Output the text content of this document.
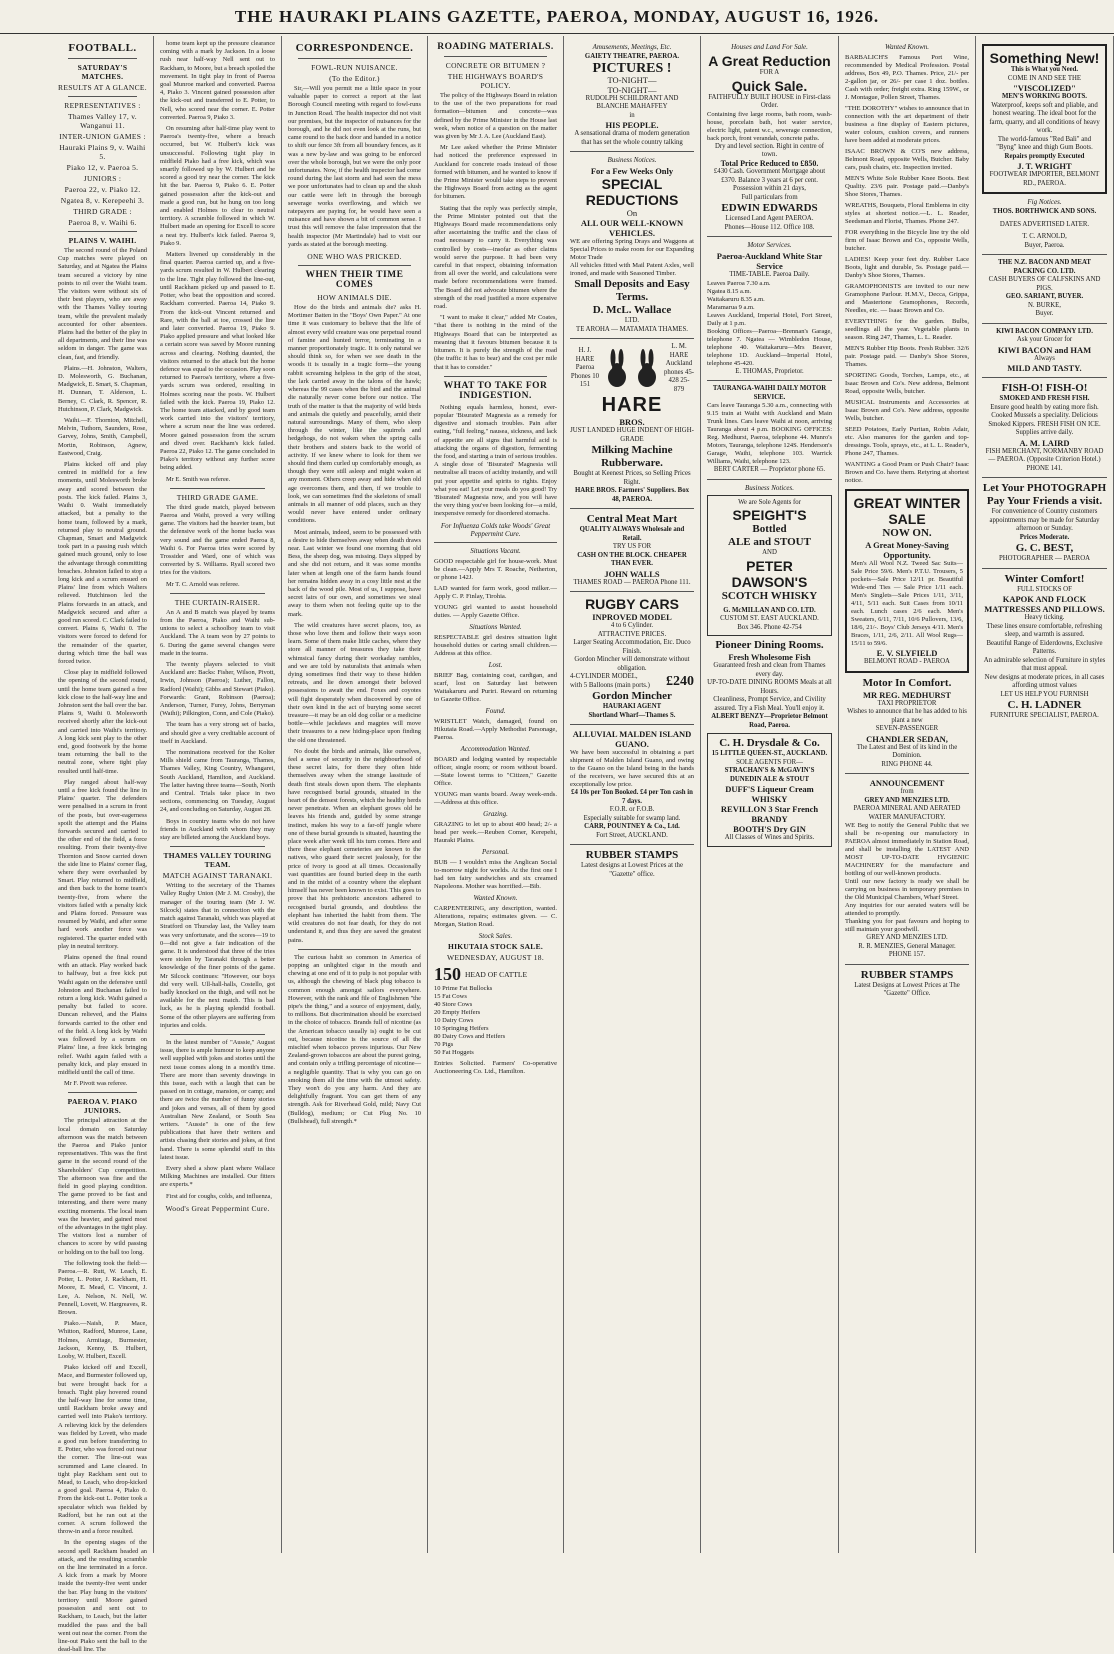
THE HAURAKI PLAINS GAZETTE, PAEROA, MONDAY, AUGUST 16, 1926.
FOOTBALL.
SATURDAY'S MATCHES.
RESULTS AT A GLANCE.
REPRESENTATIVES :
Thames Valley 17, v. Wanganui 11.
INTER-UNION GAMES :
Hauraki Plains 9, v. Waihi 5.
Piako 12, v. Paeroa 5.
JUNIORS :
Paeroa 22, v. Piako 12.
Ngatea 8, v. Kerepeehi 3.
THIRD GRADE :
Paeroa 8, v. Waihi 6.
PLAINS V. WAIHI.

The second round of the Poland Cup matches were played on Saturday, and at Ngatea the Plains team secured a victory by nine points to nil over the Waihi team. The visitors were without six of their best players, who are away with the Thames Valley touring team, while the prevalent malady accounted for other absentees. Plains had the better of the play in all departments, and their line was seldom in danger. The game was clean, fast, and friendly.

Plains.—H. Johnston, Walters, D. Molesworth, G. Buchanan, Madgwick, E. Smart, S. Chapman, H. Dunnan, T. Alderson, L. Berney, C. Clark, R. Spencer, R. Hutchinson, P. Clark, Madgwick.

Waihi.—F. Thornton, Mitchell, Melvin, Tuthorn, Saunders, Rose, Garvey, Johns, Smith, Campbell, Mortin, Robinson, Agnew, Eastwood, Craig.

Plains kicked off and play centred in midfield for a few moments, until Molesworth broke away and scored between the posts. The kick failed. Plains 3, Waihi 0. Waihi immediately attacked, but a penalty to the home team, followed by a mark, returned play to neutral ground. Chapman, Smart and Madgwick took part in a passing rush which gained much ground, only to lose the advantage through committing breaches. Johnston failed to stop a long kick and a scrum ensued on Plains' line from which Walters relieved. Hutchinson led the Plains forwards in an attack, and Madgwick secured and after a good run scored. C. Clark failed to convert. Plains 6, Waihi 0. The visitors were forced to defend for the remainder of the quarter, during which time the ball was forced twice.

Close play in midfield followed the opening of the second round, until the home team gained a free kick close to the half-way line and Johnston sent the ball over the bar. Plains 9, Waihi 0. Molesworth received shortly after the kick-out and carried into Waihi's territory. A long kick sent play to the other end, good footwork by the home team returning the ball to the neutral zone, where tight play resulted until half-time.

Play ranged about half-way until a free kick found the line in Plains' quarter. The defenders were penalised in a scrum in front of the posts, but over-eagerness spoilt the attempt and the Plains forwards secured and carried to the other end of the field, a force resulting. From their twenty-five Thornton and Snow carried down the side line to Plains' corner flag, where they were overhauled by Smart. Play returned to midfield, and then back to the home team's twenty-five, from where the visitors failed with a penalty kick and Plains forced. Pressure was resumed by Waihi, and after some hard work another force was registered. The quarter ended with play in neutral territory.

Plains opened the final round with an attack. Play worked back to halfway, but a free kick put Waihi again on the defensive until Johnston and Buchanan failed to return a long kick. Waihi gained a penalty but failed to score. Duncan relieved, and the Plains forwards carried to the other end of the field. A long kick by Waihi was followed by a scrum on Plains' line, a free kick bringing relief. Waihi again failed with a penalty kick, and play ensued in midfield until the call of time.

Mr F. Pivott was referee.

PAEROA V. PIAKO JUNIORS.

The principal attraction at the local domain on Saturday afternoon was the match between the Paeroa and Piako junior representatives. This was the first game in the second round of the Shareholders' Cup competition. The afternoon was fine and the field in good playing condition. The game proved to be fast and interesting, and there were many exciting moments. The local team was the heavier, and gained most of the advantages in the tight play. The visitors lost a number of chances to score by wild passing or holding on to the ball too long.

The following took the field:—Paeroa.—R. Rutt, W. Leach, E. Potter, L. Potter, J. Rackham, H. Moore, E. Mead, C. Vincent, J. Lee, A. Nelson, N. Nell, W. Pennell, Lovett, W. Hargreaves, R. Brown.

Piako.—Naish, P. Mace, Whitton, Radford, Munroe, Lane, Holmes, Armitage, Burmester, Jackson, Kenny, B. Hulbert, Looby, W. Hulbert, Excell.

Piako kicked off and Excell, Mace, and Burmester followed up, but were brought back for a breach. Tight play hovered round the half-way line for some time, until Rackham broke away and carried well into Piako's territory. A relieving kick by the defenders was fielded by Lovett, who made a good run before transferring to E. Potter, who was forced out near the corner. The line-out was scrummed and Lane cleared. In tight play Rackham sent out to Mead, to Leach, who drop-kicked a good goal. Paeroa 4, Piako 0. From the kick-out L. Potter took a speculator which was fielded by Radford, but he ran out at the corner. A scrum followed the throw-in and a force resulted.

In the opening stages of the second spell Rackham headed an attack, and the resulting scramble on the line terminated in a force. A kick from a mark by Moore inside the twenty-five went under the bar. Play hung in the visitors' territory until Moore gained possession and sent out to Rackham, to Leach, but the latter muddled the pass and the ball went out near the corner. From the line-out Piako sent the ball to the dead-ball line. The

home team kept up the pressure clearance coming with a mark by Jackson. In a loose rush near half-way Nell sent out to Rackham, to Moore, but a breach spoiled the movement. In tight play in front of Paeroa goal Munroe marked and converted. Paeroa 4, Piako 3. Vincent gained possession after the kick-out and transferred to E. Potter, to Nell, who scored near the corner. E. Potter converted. Paeroa 9, Piako 3.

On resuming after half-time play went to Paeroa's twenty-five, where a breach occurred, but W. Hulbert's kick was unsuccessful. Following tight play in midfield Piako had a free kick, which was smartly followed up by W. Hulbert and he scored a good try near the corner. The kick hit the bar. Paeroa 9, Piako 6. E. Potter gained possession after the kick-out and made a good run, but he hung on too long and enabled Holmes to clear to neutral territory. A scramble followed in which W. Hulbert made an opening for Excell to score a neat try. Hulbert's kick failed. Paeroa 9, Piako 9.

Matters livened up considerably in the final quarter. Paeroa carried up, and a five-yards scrum resulted in W. Hulbert clearing to the line. Tight play followed the line-out, until Rackham picked up and passed to E. Potter, who beat the opposition and scored. Rackham converted. Paeroa 14, Piako 9. From the kick-out Vincent returned and Rare, with the ball at toe, crossed the line and later converted. Paeroa 19, Piako 9. Piako applied pressure and what looked like a certain score was saved by Moore running across and clearing. Nothing daunted, the visitors returned to the attack but the home defence was equal to the occasion. Play soon returned to Paeroa's territory, where a five-yards scrum was ordered, resulting in Holmes scoring near the posts. W. Hulbert failed with the kick. Paeroa 19, Piako 12. The home team attacked, and by good team work carried into the visitors' territory, where a scrum near the line was ordered. Moore gained possession from the scrum and dived over. Rackham's kick failed. Paeroa 22, Piako 12. The game concluded in Piako's territory without any further score being added.

Mr E. Smith was referee.

THIRD GRADE GAME.

The third grade match, played between Paeroa and Waihi, proved a very willing game. The visitors had the heavier team, but the defensive work of the home backs was very sound and the game ended Paeroa 8, Waihi 6. For Paeroa tries were scored by Trossider and Ward, one of which was converted by S. Williams. Ryall scored two tries for the visitors.

Mr T. C. Arnold was referee.

THE CURTAIN-RAISER.

An A and B match was played by teams from the Paeroa, Piako and Waihi sub-unions to select a schoolboy team to visit Auckland. The A team won by 27 points to 6. During the game several changes were made in the teams.

The twenty players selected to visit Auckland are: Backs: Fisher, Wilson, Pivott, Irwin, Johnson (Paeroa); Luther, Fallon, Radford (Waihi); Gibbs and Stewart (Piako). Forwards: Grant, Robinson (Paeroa); Anderson, Turner, Furey, Johns, Berryman (Waihi); Pilkington, Conn, and Cole (Piako).

The team has a very strong set of backs, and should give a very creditable account of itself in Auckland.

The nominations received for the Kolter Mills shield came from Tauranga, Thames, Thames Valley, King Country, Whangarei, South Auckland, Hamilton, and Auckland. The latter having three teams—South, North and Central. Trials take place in two sections, commencing on Tuesday, August 24, and concluding on Saturday, August 28.

Boys in country teams who do not have friends in Auckland with whom they may stay are billeted among the Auckland boys.

THAMES VALLEY TOURING TEAM.
MATCH AGAINST TARANAKI.

Writing to the secretary of the Thames Valley Rugby Union (Mr J. M. Crosby), the manager of the touring team (Mr J. W. Silcock) states that in connection with the match against Taranaki, which was played at Stratford on Thursday last, the Valley team was very unfortunate, and the scores—19 to 0—did not give a fair indication of the game. It is understood that three of the tries were stolen by Taranaki through a better knowledge of the finer points of the game. Mr Silcock continues: "However, our boys did very well. Ull-hall-halls, Costello, got badly knocked on the thigh, and will not be available for the next match. This is bad luck, as he is playing splendid football. Some of the other players are suffering from injuries and colds.

In the latest number of "Aussie," August issue, there is ample humour to keep anyone well supplied with jokes and stories until the next issue comes along in a month's time. There are more than seventy drawings in this issue, each with a laugh that can be passed on in cottage, mansion, or camp; and there are twice the number of funny stories and jokes and verses, all of them by good Australian New Zealand, or South Sea writers. "Aussie" is one of the few publications that have their writers and artists chasing their stories and jokes, at first hand. There is some splendid stuff in this latest issue.

Every shed a show plant where Wallace Milking Machines are installed. Our fitters are experts.*

First aid for coughs, colds, and influenza,

Wood's Great Peppermint Cure.
CORRESPONDENCE.
FOWL-RUN NUISANCE.
(To the Editor.)

Sir,—Will you permit me a little space in your valuable paper to correct a report at the last Borough Council meeting with regard to fowl-runs in Junction Road. The health inspector did not visit our premises, but the inspector of nuisances for the borough, and he did not even look at the runs, but came round to the back door and handed in a notice to shift our fence 3ft from all boundary fences, as it was a new by-law and was going to be enforced over the whole borough, but we were the only poor unfortunates. Now, if the health inspector had come round during the last storm and had seen the mess we poor unfortunates had to clean up and the slush our cattle were left in through the borough sewerage works overflowing, and which we ratepayers are paying for, he would have seen a nuisance and have shown a bit of common sense. I trust this will remove the false impression that the health inspector (Mr Martindale) had to visit our yards as stated at the borough meeting.

ONE WHO WAS PRICKED.
WHEN THEIR TIME COMES
HOW ANIMALS DIE.

How do the birds and animals die? asks H. Mortimer Batten in the "Boys' Own Paper." At one time it was customary to believe that the life of almost every wild creature was one perpetual round of famine and hunted terror, terminating in a manner proportionately tragic. It is only natural we should think so, for when we see death in the woods it is usually in a tragic form—the young rabbit screaming helpless in the grip of the stoat, the lark carried away in the talons of the hawk; whereas the 99 cases when the bird and the animal die naturally never come before our notice. The truth of the matter is that the majority of wild birds and animals die quietly and peacefully, amid their natural surroundings. Many of them, who sleep through the winter, like the squirrels and hedgehogs, do not waken when the spring calls their brothers and sisters back to the world of activity. If we knew where to look for them we should find them curled up comfortably enough, as though they were still asleep and might waken at any moment. Others creep away and hide when old age overcomes them, and then, if we trouble to look, we can sometimes find the skeletons of small animals in all manner of odd places, such as they would never have entered under ordinary conditions.

Most animals, indeed, seem to be possessed with a desire to hide themselves away when death draws near. Last winter we found one morning that old Bess, the sheep dog, was missing. Days slipped by and she did not return, and it was some months later when at length one of the farm hands found her remains hidden away in a cosy little nest at the back of the wood pile. Most of us, I suppose, have secret lairs of our own, and sometimes we steal away to them when not feeling quite up to the mark.

The wild creatures have secret places, too, as those who love them and follow their ways soon learn. Some of them make little caches, where they store all manner of treasures they take their whimsical fancy during their workaday rambles, and we are told by naturalists that animals when dying sometimes find their way to these hidden retreats, and lie down amongst their beloved possessions to await the end. Foxes and coyotes will fight desperately when discovered by one of their own kind in the act of burying some secret treasure—it may be an old dog collar or a medicine bottle—while jackdaws and magpies will move their treasures to a new hiding-place upon finding the old one threatened.

No doubt the birds and animals, like ourselves, feel a sense of security in the neighbourhood of these secret lairs, for there they often hide themselves away when the strange lassitude of death first steals down upon them. The elephants have recognised burial grounds, situated in the heart of the densest forests, which the healthy herds never penetrate. When an elephant grows old he leaves his friends and, guided by some strange instinct, makes his way to a far-off jungle where one of these burial grounds is situated, haunting the place week after week till his turn comes. Here and there these elephant cemeteries are known to the natives, who guard their secret jealously, for the price of ivory is good at all times. Occasionally vast quantities are found buried deep in the earth and in the midst of a country where the elephant himself has never been known to exist. This goes to prove that his prehistoric ancestors adhered to recognised burial grounds, and doubtless the elephant has inherited the habit from them. The wild creatures do not fear death, for they do not understand it, and thus they are saved the greatest pains.

The curious habit so common in America of popping an unlighted cigar in the mouth and chewing at one end of it to pulp is not popular with us, although the chewing of black plug tobacco is common enough amongst sailors everywhere. However, with the rank and file of Englishmen "the pipe's the thing," and a source of enjoyment, daily, to millions. But discrimination should be exercised in the choice of tobacco. Brands full of nicotine (as the American tobacco usually is) ought to be cut out, because nicotine is the source of all the mischief when tobacco proves injurious. Our New Zealand-grown tobaccos are about the purest going, and contain only a trifling percentage of nicotine—a negligible quantity. That is why you can go on smoking them all the time with the utmost safety. They won't do you any harm. And they are delightfully fragrant. You can get them of any strength. Ask for Riverhead Gold, mild; Navy Cut (Bulldog), medium; or Cut Plug No. 10 (Bullshead), full strength.*

ROADING MATERIALS.
CONCRETE OR BITUMEN ?
THE HIGHWAYS BOARD'S POLICY.

The policy of the Highways Board in relation to the use of the two preparations for road formation—bitumen and concrete—was defined by the Prime Minister in the House last week, when notice of a question on the matter was given by Mr J. A. Lee (Auckland East).

Mr Lee asked whether the Prime Minister had noticed the preference expressed in Auckland for concrete roads instead of those formed with bitumen, and he wanted to know if the Prime Minister would take steps to prevent the Highways Board from acting as the agent for bitumen.

Stating that the reply was perfectly simple, the Prime Minister pointed out that the Highways Board made recommendations only after ascertaining the traffic and the class of road necessary to carry it. Everything was controlled by costs—insofar as other claims would serve the purpose. It had been very careful in that respect, obtaining information from all over the world, and calculations were made before recommendations were framed. The Board did not advocate bitumen where the strength of the road justified a more expensive road.

"I want to make it clear," added Mr Coates, "that there is nothing in the mind of the Highways Board that can be interpreted as meaning that it favours bitumen because it is bitumen. It is purely the strength of the road (the traffic it has to bear) and the cost per mile that it has to consider."

WHAT TO TAKE FOR INDIGESTION.

Nothing equals harmless, honest, ever-popular 'Bisurated' Magnesia as a remedy for digestive and stomach troubles. Pain after eating, "full feeling," nausea, sickness, and lack of appetite are all signs that harmful acid is attacking the organs of digestion, fermenting the food, and starting a train of serious troubles. A single dose of 'Bisurated' Magnesia will neutralise all traces of acidity instantly, and will put your appetite and spirits to rights. Enjoy what you eat! Let your meals do you good! Try 'Bisurated' Magnesia now, and you will have the very thing you've been looking for—a mild, inexpensive remedy for disordered stomachs.

For Influenza Colds take Woods' Great Peppermint Cure.
Situations Vacant.

GOOD respectable girl for house-work. Must be clean.—Apply Mrs T. Roache, Netherton, or phone 142J.

LAD wanted for farm work, good milker.—Apply C. P. Finlay, Tirohia.

YOUNG girl wanted to assist household duties. — Apply Gazette Office.

Situations Wanted.

RESPECTABLE girl desires situation light household duties or caring small children.—Address at this office.

Lost.

BRIEF Bag, containing coat, cardigan, and scarf, lost on Saturday last between Waitakaruru and Puriri. Reward on returning to Gazette Office.

Found.

WRISTLET Watch, damaged, found on Hikutaia Road.—Apply Methodist Parsonage, Paeroa.

Accommodation Wanted.

BOARD and lodging wanted by respectable officer, single room; or room without board.—State lowest terms to "Citizen," Gazette Office.

YOUNG man wants board. Away week-ends.—Address at this office.

Grazing.

GRAZING to let up to about 400 head; 2/- a head per week.—Reuben Comer, Kerepehi, Hauraki Plains.

Personal.

BUB — I wouldn't miss the Anglican Social to-morrow night for worlds. At the first one I had ten fairy sandwiches and six creamed Napoleons. Mother was horrified.—Bib.

Wanted Known.

CARPENTERING, any description, wanted. Alterations, repairs; estimates given. — C. Morgan, Station Road.

Stock Sales.
HIKUTAIA STOCK SALE.
WEDNESDAY, AUGUST 18.
150 HEAD OF CATTLE
10 Prime Fat Bullocks
15 Fat Cows
40 Store Cows
20 Empty Heifers
10 Dairy Cows
10 Springing Heifers
80 Dairy Cows and Heifers
70 Pigs
50 Fat Hoggets

Entries Solicited. Farmers' Co-operative Auctioneering Co. Ltd., Hamilton.

Amusements, Meetings, Etc.
GAIETY THEATRE, PAEROA.
PICTURES !
TO-NIGHT—
TO-NIGHT—
RUDOLPH SCHILDRANT AND BLANCHE MAHAFFEY
in
HIS PEOPLE.
A sensational drama of modern generation that has set the whole country talking
Business Notices.
For a Few Weeks Only
SPECIAL
REDUCTIONS
On
ALL OUR WELL-KNOWN
VEHICLES.

WE are offering Spring Drays and Waggons at Special Prices to make room for our Expanding Motor Trade

All vehicles fitted with Mail Patent Axles, well ironed, and made with Seasoned Timber.

Small Deposits and Easy Terms.
D. McL. Wallace
LTD.
TE AROHA — MATAMATA THAMES.
H. J. HARE Paeroa Phones 10 151
L. M. HARE Auckland phones 45-428 25-879
HARE
BROS.
JUST LANDED HUGE INDENT OF HIGH-GRADE
Milking Machine Rubberware.
Bought at Keenest Prices, so Selling Prices Right.
HARE BROS. Farmers' Suppliers. Box 48, PAEROA.
Central Meat Mart
QUALITY ALWAYS Wholesale and Retail.
TRY US FOR
CASH ON THE BLOCK. CHEAPER THAN EVER.
JOHN WALLS
THAMES ROAD — PAEROA Phone 111.
RUGBY CARS
INPROVED MODEL
4 to 6 Cylinder.
ATTRACTIVE PRICES.
Larger Seating Accommodation, Etc. Duco Finish.
Gordon Mincher will demonstrate without obligation.
4-CYLINDER MODEL, with 5 Balloons (main ports.) £240
Gordon Mincher
HAURAKI AGENT
Shortland Wharf—Thames S.
ALLUVIAL MALDEN ISLAND GUANO.

We have been successful in obtaining a part shipment of Malden Island Guano, and owing to the Guano on the Island being in the hands of the receivers, we have secured this at an exceptionally low price.

£4 10s per Ton Booked. £4 per Ton cash in 7 days.
F.O.R. or F.O.B.
Especially suitable for swamp land.
CARR, POUNTNEY & Co., Ltd.
Fort Street, AUCKLAND.
RUBBER STAMPS
Latest designs at Lowest Prices at the "Gazette" office.
Houses and Land For Sale.
A Great Reduction
FOR A
Quick Sale.
FAITHFULLY BUILT HOUSE in First-class Order.

Containing five large rooms, bath room, wash-house, porcelain bath, hot water service, electric light, patent w.c., sewerage connection, back porch, front verandah, concrete paths.

Dry and level section. Right in centre of town.
Total Price Reduced to £850.
£430 Cash. Government Mortgage about £370. Balance 3 years at 6 per cent.
Possession within 21 days,
Full particulars from
EDWIN EDWARDS
Licensed Land Agent PAEROA.
Phones—House 112. Office 108.
Motor Services.
Paeroa-Auckland White Star Service
TIME-TABLE. Paeroa Daily.
Leaves Paeroa 7.30 a.m.
Ngatea 8.15 a.m.
Waitakaruru 8.35 a.m.
Maramarua 9 a.m.
Leaves Auckland, Imperial Hotel, Fort Street, Daily at 1 p.m.

Booking Offices—Paeroa—Brennan's Garage, telephone 7. Ngatea — Wimbledon House, telephone 40. Waitakaruru—Mrs Beaver, telephone 1D. Auckland—Imperial Hotel, telephone 45-420.

E. THOMAS, Proprietor.
TAURANGA-WAIHI DAILY MOTOR SERVICE.

Cars leave Tauranga 5.30 a.m., connecting with 9.15 train at Waihi with Auckland and Main Trunk lines. Cars leave Waihi at noon, arriving Tauranga about 4 p.m. BOOKING OFFICES: Reg. Medhurst, Paeroa, telephone 44. Munro's Motors, Tauranga, telephone 124S. Henderson's Garage, Waihi, telephone 103. Warrick Williams, Waihi, telephone 123.

BERT CARTER — Proprietor phone 65.
Business Notices.
We are Sole Agents for
SPEIGHT'S
Bottled
ALE and STOUT
AND
PETER DAWSON'S
SCOTCH WHISKY
G. McMILLAN AND CO. LTD.
CUSTOM ST. EAST AUCKLAND.
Box 346. Phone 42-754
Pioneer Dining Rooms.
Fresh Wholesome Fish
Guaranteed fresh and clean from Thames every day.
UP-TO-DATE DINING ROOMS Meals at all Hours.
Cleanliness, Prompt Service, and Civility assured. Try a Fish Meal. You'll enjoy it.
ALBERT BENZY—Proprietor Belmont Road, Paeroa.
C. H. Drysdale & Co.
15 LITTLE QUEEN-ST., AUCKLAND.
SOLE AGENTS FOR—
STRACHAN'S & McGAVIN'S DUNEDIN ALE & STOUT
DUFF'S Liqueur Cream WHISKY
REVILLON 3 Star French BRANDY
BOOTH'S Dry GIN
All Classes of Wines and Spirits.
Wanted Known.

BARBALICH'S Famous Port Wine, recommended by Medical Profession. Postal address, Box 49, P.O. Thames. Price, 21/- per 2-gallon jar, or 26/- per case 1 doz. bottles. Cash with order; freight extra. Ring 159W., or J. Montague, Pollen Street, Thames.

"THE DOROTHY" wishes to announce that in connection with the art department of their business a fine display of Eastern pictures, water colours, cushion covers, and runners have been added at moderate prices.

ISAAC BROWN & CO'S new address, Belmont Road, opposite Wells, Butcher. Baby cars, push chairs, etc. Inspection invited.

MEN'S White Sole Rubber Knee Boots. Best Quality. 23/6 pair. Postage paid.—Danby's Shoe Stores, Thames.

WREATHS, Bouquets, Floral Emblems in city styles at shortest notice.—L. L. Reader, Seedsman and Florist, Thames. Phone 247.

FOR everything in the Bicycle line try the old firm of Isaac Brown and Co., opposite Wells, butcher.

LADIES! Keep your feet dry. Rubber Lace Boots, light and durable, 5s. Postage paid.—Danby's Shoe Stores, Thames.

GRAMOPHONISTS are invited to our new Gramophone Parlour. H.M.V., Decca, Grippa, and Mastertone Gramophones, Records, Needles, etc. — Isaac Brown and Co.

EVERYTHING for the garden. Bulbs, seedlings all the year. Vegetable plants in season. Ring 247, Thames, L. L. Reader.

MEN'S Rubber Hip Boots. Fresh Rubber. 32/6 pair. Postage paid. — Danby's Shoe Stores, Thames.

SPORTING Goods, Torches, Lamps, etc., at Isaac Brown and Co's. New address, Belmont Road, opposite Wells, butcher.

MUSICAL Instruments and Accessories at Isaac Brown and Co's. New address, opposite Wells, butcher.

SEED Potatoes, Early Puritan, Robin Adair, etc. Also manures for the garden and top-dressings. Tools, sprays, etc., at L. L. Reader's, Phone 247, Thames.

WANTING a Good Pram or Push Chair? Isaac Brown and Co. have them. Retyring at shortest notice.

GREAT WINTER SALE
NOW ON.
A Great Money-Saving Opportunity.

Men's All Wool N.Z. Tweed Sac Suits—Sale Price 59/6. Men's P.T.U. Trousers, 5 pockets—Sale Price 12/11 pr. Beautiful Wide-end Ties — Sale Price 1/11 each. Men's Singlets—Sale Prices 1/11, 3/11, 4/11, 5/11 each. Suit Cases from 10/11 each. Lunch cases 2/6 each. Men's Sweaters, 6/11, 7/11, 10/6 Pullovers, 13/6, 18/6, 21/-. Boys' Club Jerseys 4/11. Men's Braces, 1/11, 2/6, 2/11. All Wool Rugs—15/11 to 59/6.

E. V. SLYFIELD
BELMONT ROAD - PAEROA
Motor In Comfort.
MR REG. MEDHURST
TAXI PROPRIETOR
Wishes to announce that he has added to his plant a new
SEVEN-PASSENGER
CHANDLER SEDAN,
The Latest and Best of its kind in the Dominion.
RING PHONE 44.
ANNOUNCEMENT
from
GREY AND MENZIES LTD.
PAEROA MINERAL AND AERATED WATER MANUFACTORY.

WE Beg to notify the General Public that we shall be re-opening our manufactory in PAEROA almost immediately in Station Road, and shall be installing the LATEST AND MOST UP-TO-DATE HYGIENIC MACHINERY for the manufacture and bottling of our well-known products.

Until our new factory is ready we shall be carrying on business in temporary premises in the Old Municipal Chambers, Wharf Street.

Any inquiries for our aerated waters will be attended to promptly.

Thanking you for past favours and hoping to still maintain your goodwill.

GREY AND MENZIES LTD.
R. R. MENZIES, General Manager.
PHONE 157.
RUBBER STAMPS
Latest Designs at Lowest Prices at The "Gazette" Office.
Something New!
This is What you Need.
COME IN AND SEE THE
"VISCOLIZED"
MEN'S WORKING BOOTS.
Waterproof, keeps soft and pliable, and honest wearing. The ideal boot for the farm, quarry, and all conditions of heavy work.
The world-famous "Red Bali" and "Byng" knee and thigh Gum Boots.
Repairs promptly Executed
J. T. WRIGHT
FOOTWEAR IMPORTER, BELMONT RD., PAEROA.
Fig Notices.
THOS. BORTHWICK AND SONS.
DATES ADVERTISED LATER.
T. C. ARNOLD,
Buyer, Paeroa.
THE N.Z. BACON AND MEAT PACKING CO. LTD.
CASH BUYERS OF CALFSKINS AND PIGS.
GEO. SARIANT, BUYER.
N. BURKE,
Buyer.
KIWI BACON COMPANY LTD.
Ask your Grocer for
KIWI BACON and HAM
Always
MILD AND TASTY.
FISH-O! FISH-O!
SMOKED AND FRESH FISH.
Ensure good health by eating more fish.
Cooked Mussels a speciality. Delicious Smoked Kippers. FRESH FISH ON ICE. Supplies arrive daily.
A. M. LAIRD
FISH MERCHANT, NORMANBY ROAD — PAEROA. (Opposite Criterion Hotel.) PHONE 141.
Let Your PHOTOGRAPH Pay Your Friends a visit.
For convenience of Country customers appointments may be made for Saturday afternoon or Sunday.
Prices Moderate.
G. C. BEST,
PHOTOGRAPHER — PAEROA
Winter Comfort!
FULL STOCKS OF
KAPOK AND FLOCK MATTRESSES AND PILLOWS.
Heavy ticking.
These lines ensure comfortable, refreshing sleep, and warmth is assured.
Beautiful Range of Eiderdowns, Exclusive Patterns.
An admirable selection of Furniture in styles that must appeal.
New designs at moderate prices, in all cases affording utmost values
LET US HELP YOU FURNISH
C. H. LADNER
FURNITURE SPECIALIST, PAEROA.
